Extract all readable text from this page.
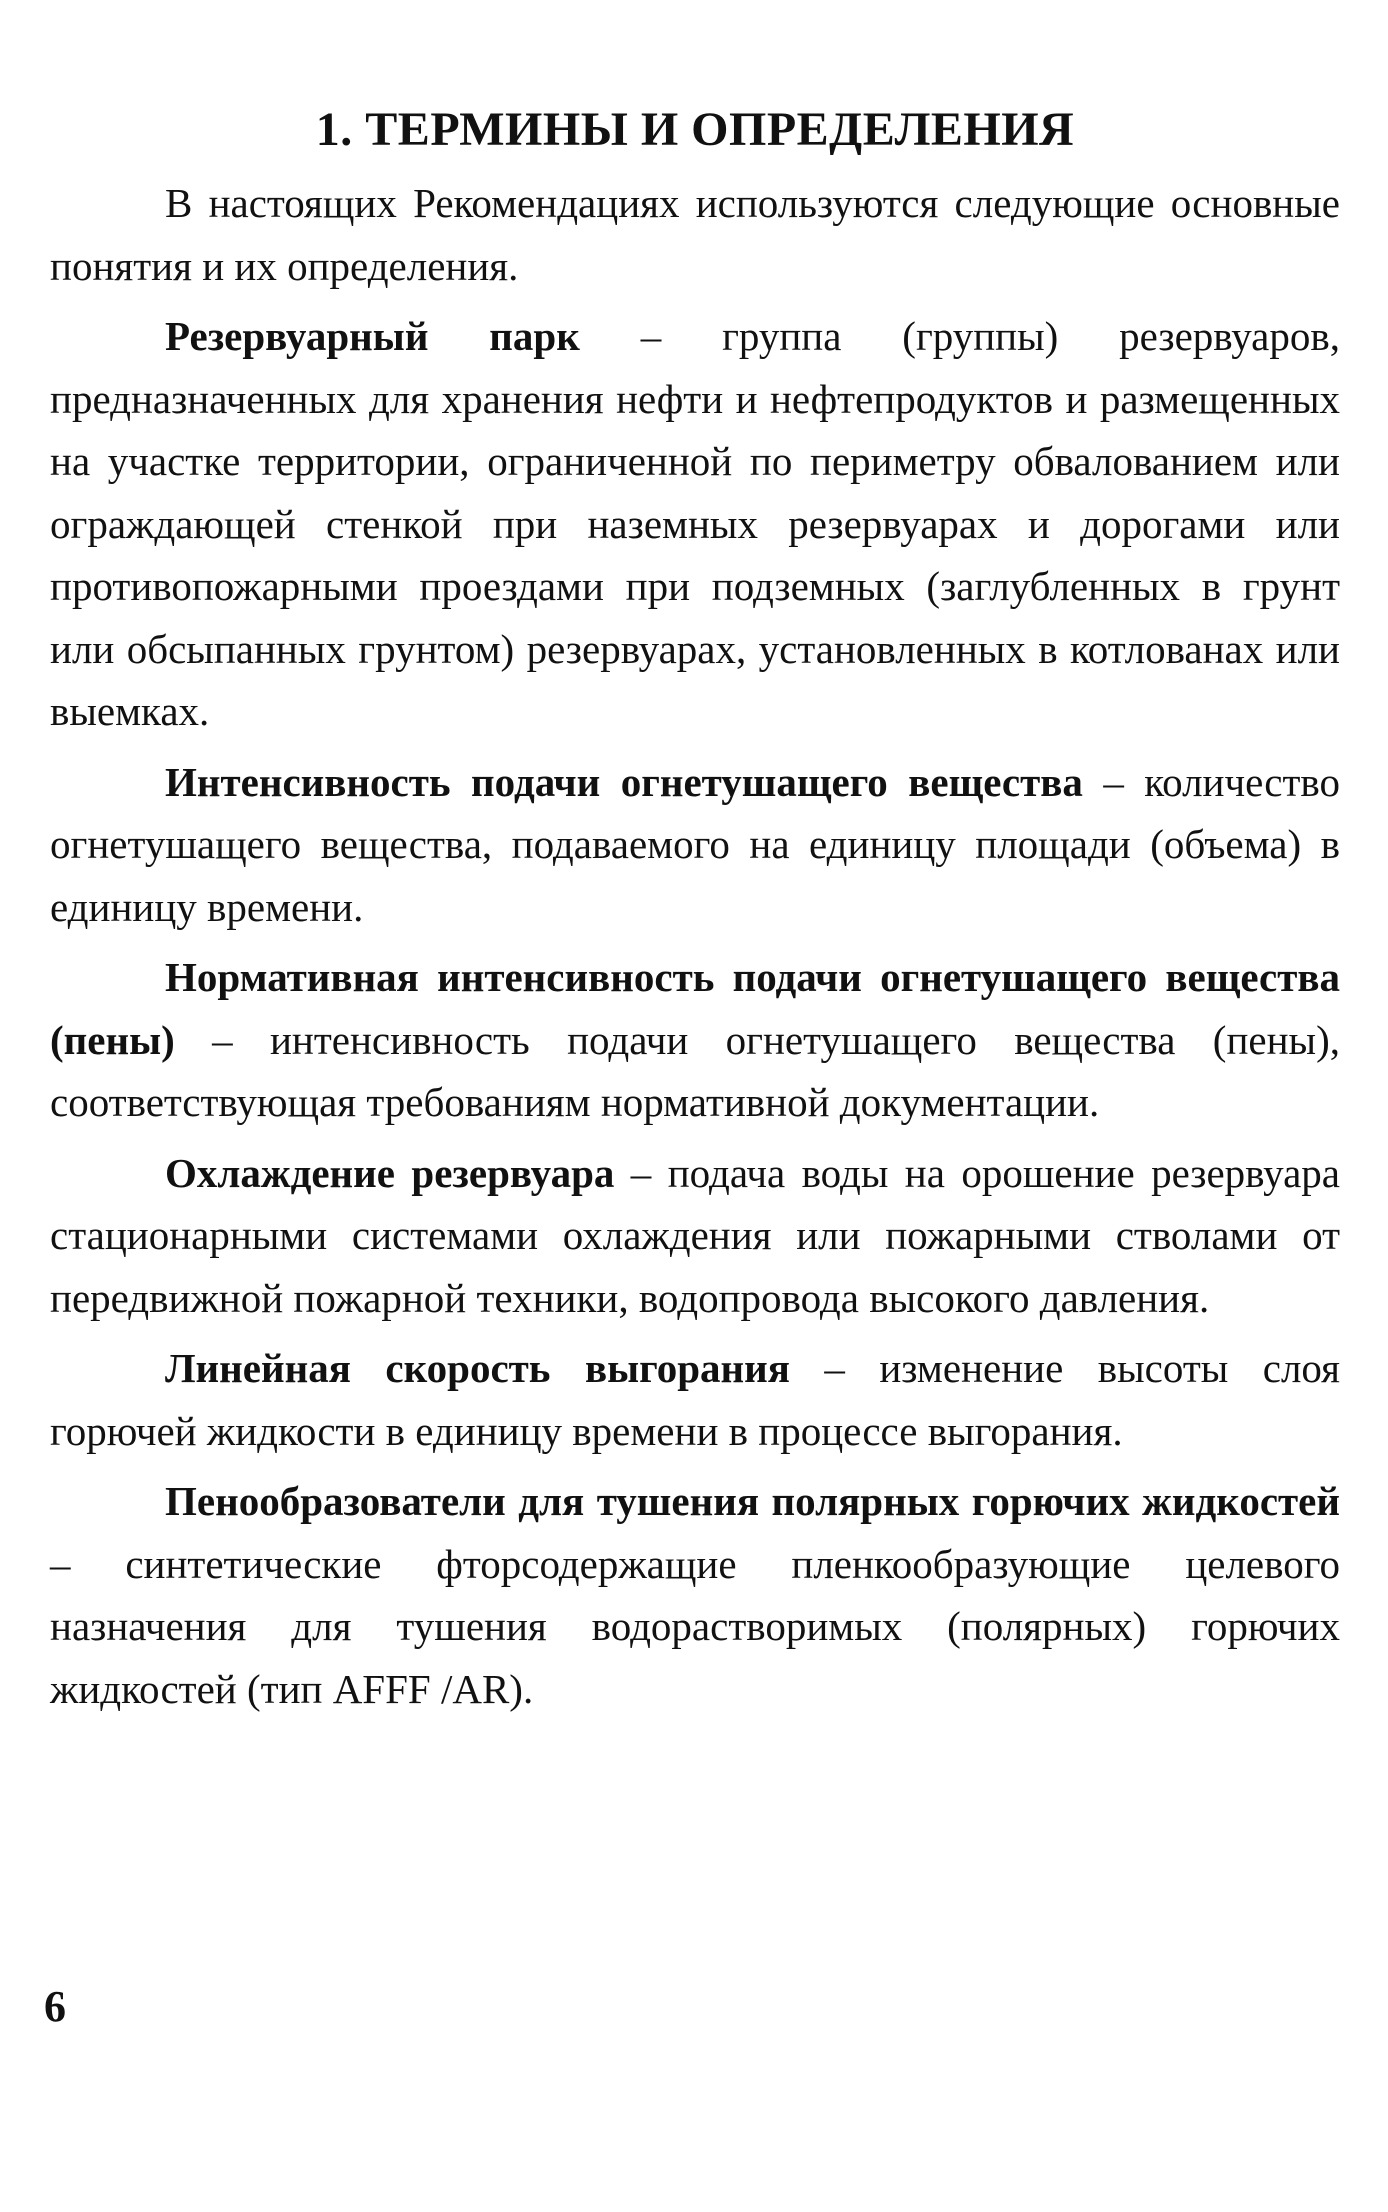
1. ТЕРМИНЫ И ОПРЕДЕЛЕНИЯ

В настоящих Рекомендациях используются следующие основные понятия и их определения.

Резервуарный парк – группа (группы) резервуаров, предназначенных для хранения нефти и нефтепродуктов и размещенных на участке территории, ограниченной по периметру обвалованием или ограждающей стенкой при наземных резервуарах и дорогами или противопожарными проездами при подземных (заглубленных в грунт или обсыпанных грунтом) резервуарах, установленных в котлованах или выемках.

Интенсивность подачи огнетушащего вещества – количество огнетушащего вещества, подаваемого на единицу площади (объема) в единицу времени.

Нормативная интенсивность подачи огнетушащего вещества (пены) – интенсивность подачи огнетушащего вещества (пены), соответствующая требованиям нормативной документации.

Охлаждение резервуара – подача воды на орошение резервуара стационарными системами охлаждения или пожарными стволами от передвижной пожарной техники, водопровода высокого давления.

Линейная скорость выгорания – изменение высоты слоя горючей жидкости в единицу времени в процессе выгорания.

Пенообразователи для тушения полярных горючих жидкостей – синтетические фторсодержащие пленкообразующие целевого назначения для тушения водорастворимых (полярных) горючих жидкостей (тип AFFF /AR).

6
